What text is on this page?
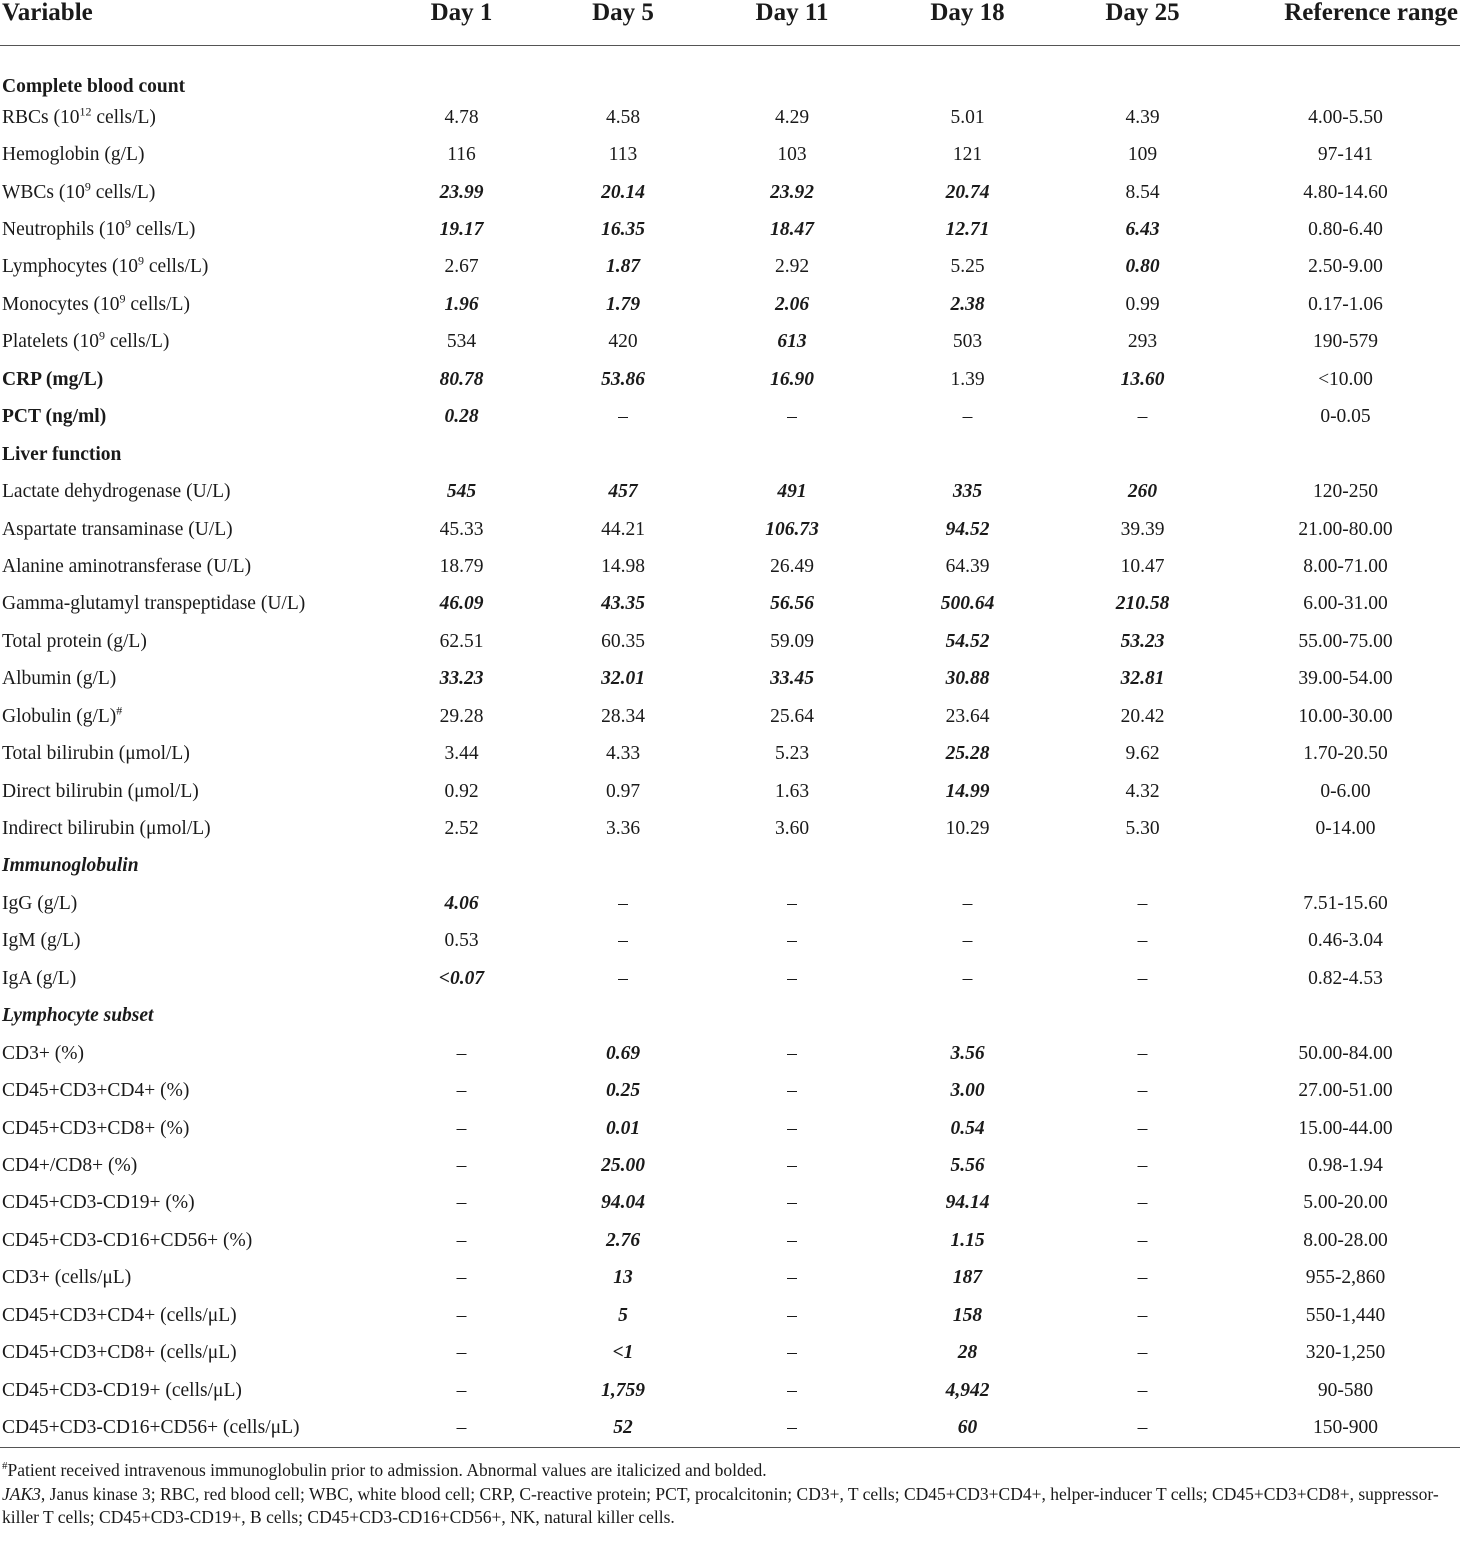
Variable	Day 1	Day 5	Day 11	Day 18	Day 25	Reference range
Complete blood count						
RBCs ($10^{12}$ cells/L)	4.78	4.58	4.29	5.01	4.39	4.00-5.50
Hemoglobin (g/L)	116	113	103	121	109	97-141
WBCs ($10^9$ cells/L)	23.99	20.14	23.92	20.74	8.54	4.80-14.60
Neutrophils ($10^9$ cells/L)	19.17	16.35	18.47	12.71	6.43	0.80-6.40
Lymphocytes ($10^9$ cells/L)	2.67	1.87	2.92	5.25	0.80	2.50-9.00
Monocytes ($10^9$ cells/L)	1.96	1.79	2.06	2.38	0.99	0.17-1.06
Platelets ($10^9$ cells/L)	534	420	613	503	293	190-579
CRP (mg/L)	80.78	53.86	16.90	1.39	13.60	<10.00
PCT (ng/ml)	0.28	–	–	–	–	0-0.05
Liver function						
Lactate dehydrogenase (U/L)	545	457	491	335	260	120-250
Aspartate transaminase (U/L)	45.33	44.21	106.73	94.52	39.39	21.00-80.00
Alanine aminotransferase (U/L)	18.79	14.98	26.49	64.39	10.47	8.00-71.00
Gamma-glutamyl transpeptidase (U/L)	46.09	43.35	56.56	500.64	210.58	6.00-31.00
Total protein (g/L)	62.51	60.35	59.09	54.52	53.23	55.00-75.00
Albumin (g/L)	33.23	32.01	33.45	30.88	32.81	39.00-54.00
Globulin (g/L)#	29.28	28.34	25.64	23.64	20.42	10.00-30.00
Total bilirubin (μmol/L)	3.44	4.33	5.23	25.28	9.62	1.70-20.50
Direct bilirubin (μmol/L)	0.92	0.97	1.63	14.99	4.32	0-6.00
Indirect bilirubin (μmol/L)	2.52	3.36	3.60	10.29	5.30	0-14.00
Immunoglobulin						
IgG (g/L)	4.06	–	–	–	–	7.51-15.60
IgM (g/L)	0.53	–	–	–	–	0.46-3.04
IgA (g/L)	<0.07	–	–	–	–	0.82-4.53
Lymphocyte subset						
CD3+ (%)	–	0.69	–	3.56	–	50.00-84.00
CD45+CD3+CD4+ (%)	–	0.25	–	3.00	–	27.00-51.00
CD45+CD3+CD8+ (%)	–	0.01	–	0.54	–	15.00-44.00
CD4+/CD8+ (%)	–	25.00	–	5.56	–	0.98-1.94
CD45+CD3-CD19+ (%)	–	94.04	–	94.14	–	5.00-20.00
CD45+CD3-CD16+CD56+ (%)	–	2.76	–	1.15	–	8.00-28.00
CD3+ (cells/μL)	–	13	–	187	–	955-2,860
CD45+CD3+CD4+ (cells/μL)	–	5	–	158	–	550-1,440
CD45+CD3+CD8+ (cells/μL)	–	<1	–	28	–	320-1,250
CD45+CD3-CD19+ (cells/μL)	–	1,759	–	4,942	–	90-580
CD45+CD3-CD16+CD56+ (cells/μL)	–	52	–	60	–	150-900

#Patient received intravenous immunoglobulin prior to admission. Abnormal values are italicized and bolded.

JAK3, Janus kinase 3; RBC, red blood cell; WBC, white blood cell; CRP, C-reactive protein; PCT, procalcitonin; CD3+, T cells; CD45+CD3+CD4+, helper-inducer T cells; CD45+CD3+CD8+, suppressor-killer T cells; CD45+CD3-CD19+, B cells; CD45+CD3-CD16+CD56+, NK, natural killer cells.
